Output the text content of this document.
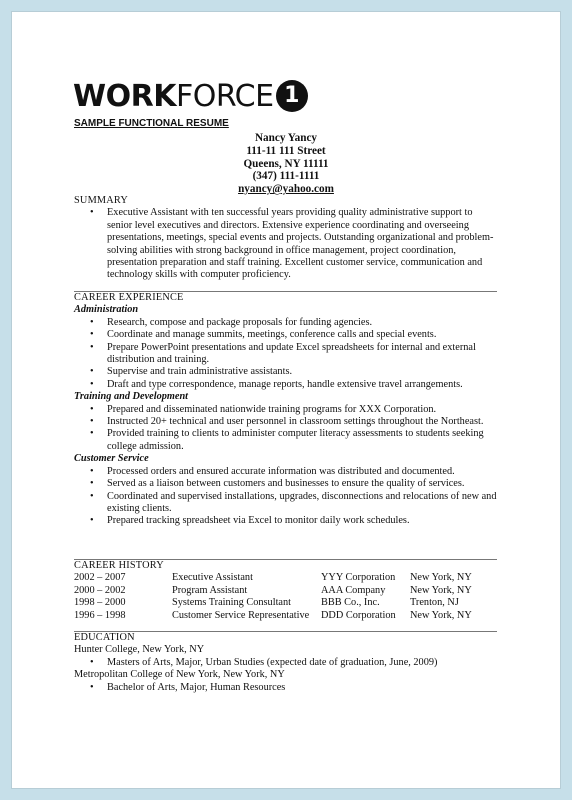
WORK FORCE 1
SAMPLE FUNCTIONAL RESUME
Nancy Yancy
111-11 111 Street
Queens, NY 11111
(347) 111-1111
nyancy@yahoo.com
SUMMARY
• Executive Assistant with ten successful years providing quality administrative support to senior level executives and directors. Extensive experience coordinating and overseeing presentations, meetings, special events and projects. Outstanding organizational and problem-solving abilities with strong background in office management, project coordination, presentation preparation and staff training. Excellent customer service, communication and technology skills with computer proficiency.
CAREER EXPERIENCE
Administration
• Research, compose and package proposals for funding agencies.
• Coordinate and manage summits, meetings, conference calls and special events.
• Prepare PowerPoint presentations and update Excel spreadsheets for internal and external distribution and training.
• Supervise and train administrative assistants.
• Draft and type correspondence, manage reports, handle extensive travel arrangements.
Training and Development
• Prepared and disseminated nationwide training programs for XXX Corporation.
• Instructed 20+ technical and user personnel in classroom settings throughout the Northeast.
• Provided training to clients to administer computer literacy assessments to students seeking college admission.
Customer Service
• Processed orders and ensured accurate information was distributed and documented.
• Served as a liaison between customers and businesses to ensure the quality of services.
• Coordinated and supervised installations, upgrades, disconnections and relocations of new and existing clients.
• Prepared tracking spreadsheet via Excel to monitor daily work schedules.
CAREER HISTORY
2002 – 2007	Executive Assistant	YYY Corporation	New York, NY
2000 – 2002	Program Assistant	AAA Company	New York, NY
1998 – 2000	Systems Training Consultant	BBB Co., Inc.	Trenton, NJ
1996 – 1998	Customer Service Representative	DDD Corporation	New York, NY
EDUCATION
Hunter College, New York, NY
• Masters of Arts, Major, Urban Studies (expected date of graduation, June, 2009)
Metropolitan College of New York, New York, NY
• Bachelor of Arts, Major, Human Resources
